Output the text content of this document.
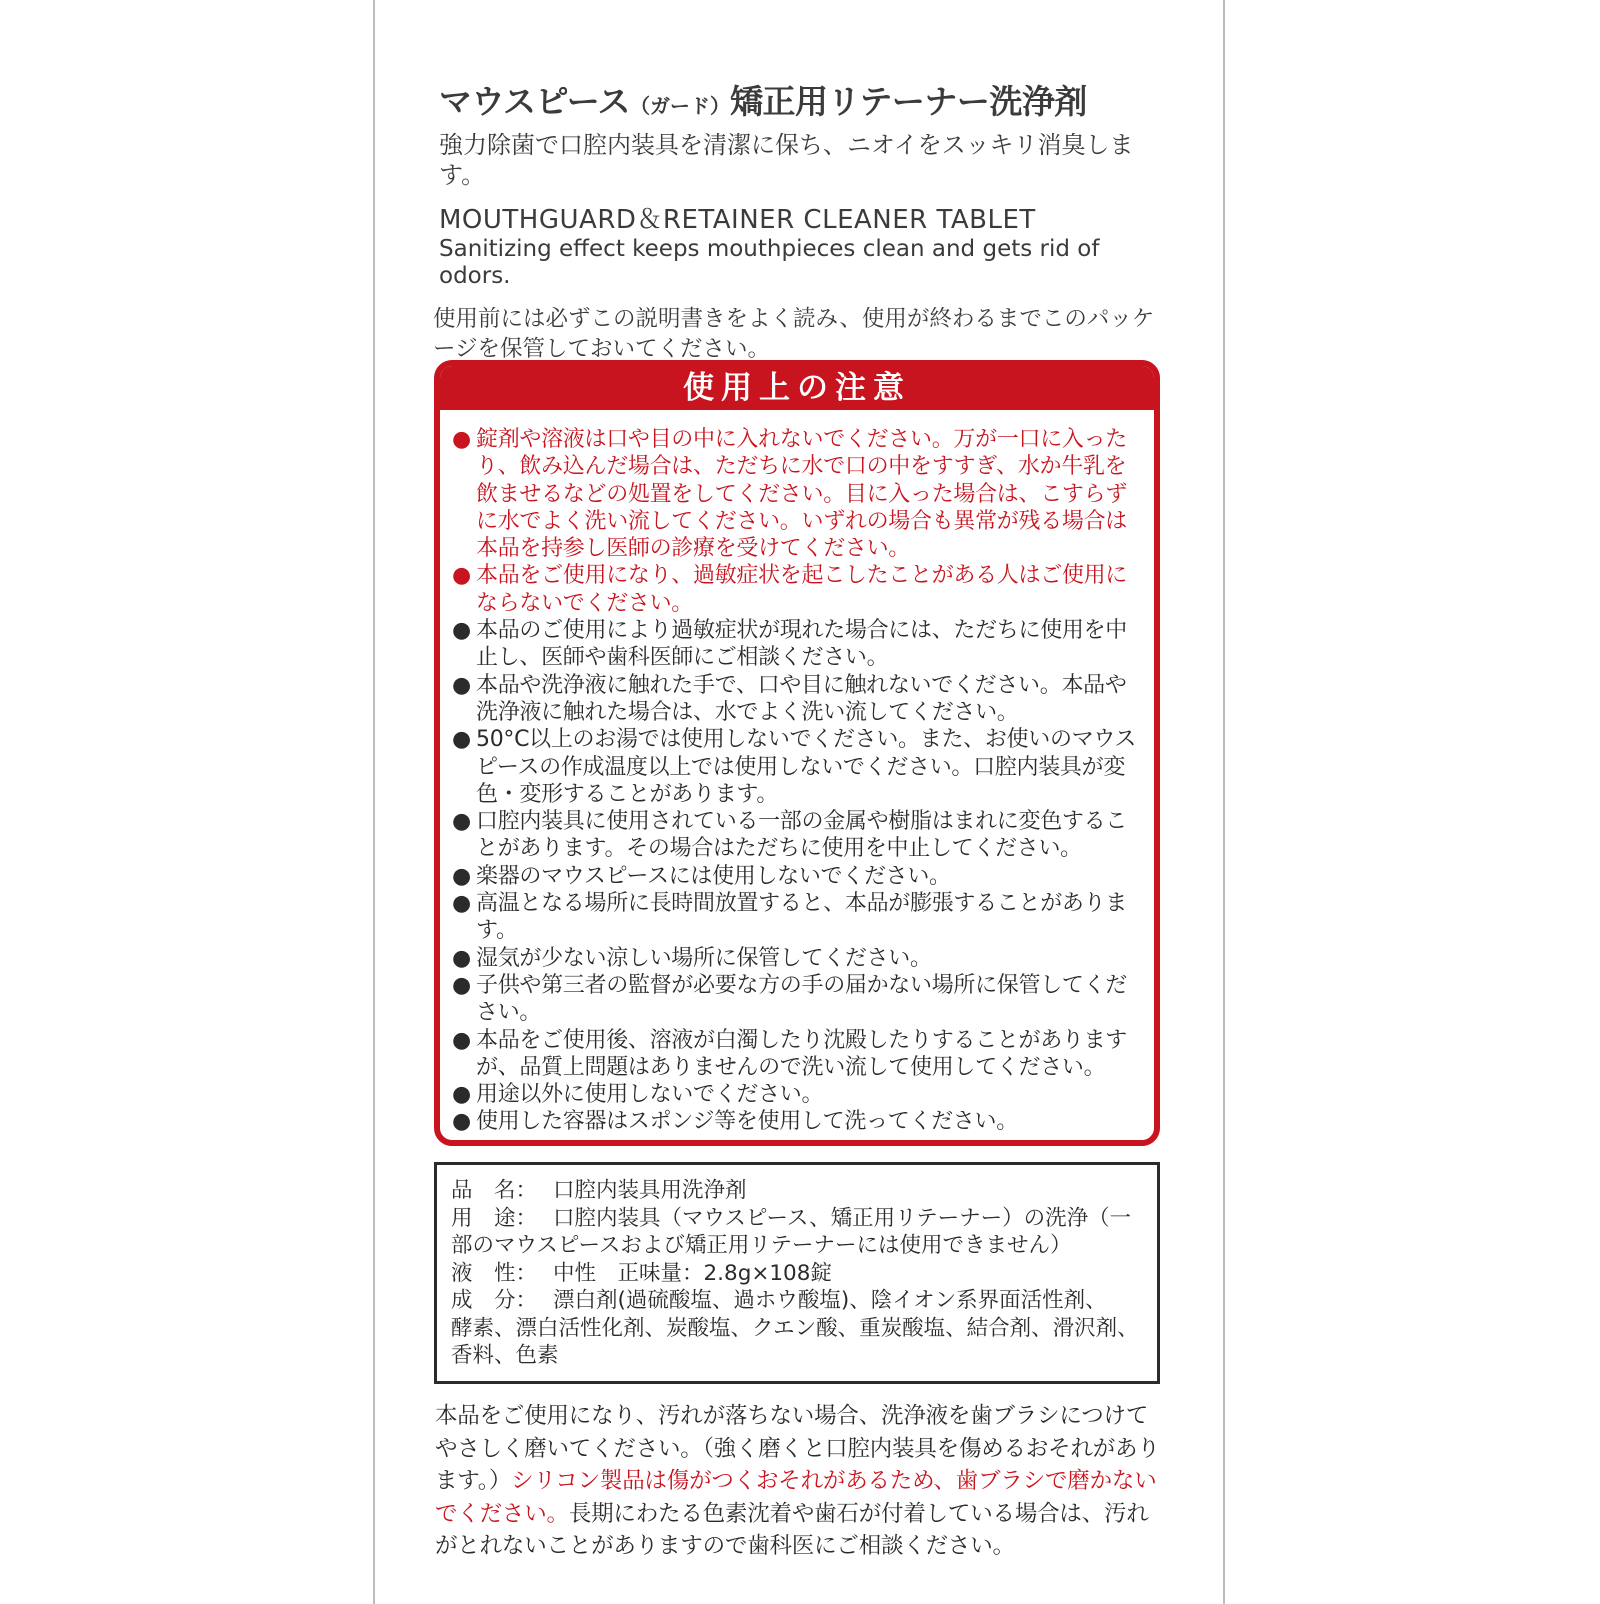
マウスピース（ガード）矯正用リテーナー洗浄剤
強力除菌で口腔内装具を清潔に保ち、ニオイをスッキリ消臭します。
MOUTHGUARD＆RETAINER CLEANER TABLET
Sanitizing effect keeps mouthpieces clean and gets rid of odors.
使用前には必ずこの説明書きをよく読み、使用が終わるまでこのパッケージを保管しておいてください。
使用上の注意
● 錠剤や溶液は口や目の中に入れないでください。万が一口に入ったり、飲み込んだ場合は、ただちに水で口の中をすすぎ、水か牛乳を飲ませるなどの処置をしてください。目に入った場合は、こすらずに水でよく洗い流してください。いずれの場合も異常が残る場合は本品を持参し医師の診療を受けてください。
● 本品をご使用になり、過敏症状を起こしたことがある人はご使用にならないでください。
● 本品のご使用により過敏症状が現れた場合には、ただちに使用を中止し、医師や歯科医師にご相談ください。
● 本品や洗浄液に触れた手で、口や目に触れないでください。本品や洗浄液に触れた場合は、水でよく洗い流してください。
● 50°C以上のお湯では使用しないでください。また、お使いのマウスピースの作成温度以上では使用しないでください。口腔内装具が変色・変形することがあります。
● 口腔内装具に使用されている一部の金属や樹脂はまれに変色することがあります。その場合はただちに使用を中止してください。
● 楽器のマウスピースには使用しないでください。
● 高温となる場所に長時間放置すると、本品が膨張することがあります。
● 湿気が少ない涼しい場所に保管してください。
● 子供や第三者の監督が必要な方の手の届かない場所に保管してください。
● 本品をご使用後、溶液が白濁したり沈殿したりすることがありますが、品質上問題はありませんので洗い流して使用してください。
● 用途以外に使用しないでください。
● 使用した容器はスポンジ等を使用して洗ってください。
品　名： 口腔内装具用洗浄剤
用　途： 口腔内装具（マウスピース、矯正用リテーナー）の洗浄（一
部のマウスピースおよび矯正用リテーナーには使用できません）
液　性： 中性　正味量：2.8g×108錠
成　分： 漂白剤(過硫酸塩、過ホウ酸塩)、陰イオン系界面活性剤、
酵素、漂白活性化剤、炭酸塩、クエン酸、重炭酸塩、結合剤、滑沢剤、香料、色素
本品をご使用になり、汚れが落ちない場合、洗浄液を歯ブラシにつけてやさしく磨いてください。（強く磨くと口腔内装具を傷めるおそれがあります。）シリコン製品は傷がつくおそれがあるため、歯ブラシで磨かないでください。長期にわたる色素沈着や歯石が付着している場合は、汚れがとれないことがありますので歯科医にご相談ください。
